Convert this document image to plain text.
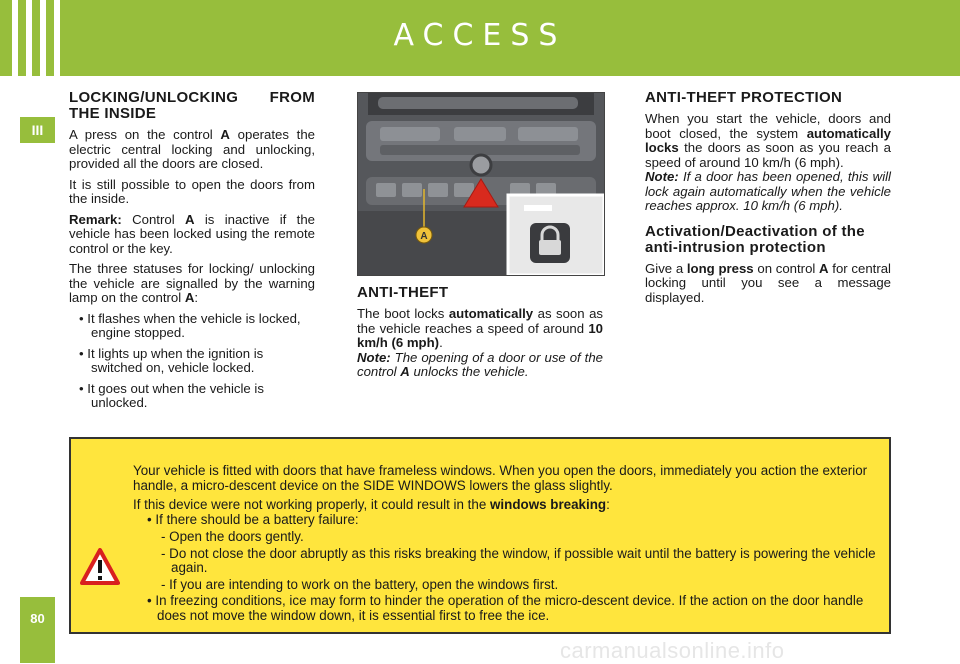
ACCESS
III
80
LOCKING/UNLOCKING FROM THE INSIDE

A press on the control A operates the electric central locking and unlocking, provided all the doors are closed.

It is still possible to open the doors from the inside.

Remark: Control A is inactive if the vehicle has been locked using the remote control or the key.

The three statuses for locking/ unlocking the vehicle are signalled by the warning lamp on the control A:

• It flashes when the vehicle is locked, engine stopped.
• It lights up when the ignition is switched on, vehicle locked.
• It goes out when the vehicle is unlocked.
A
ANTI-THEFT

The boot locks automatically as soon as the vehicle reaches a speed of around 10 km/h (6 mph).

Note: The opening of a door or use of the control A unlocks the vehicle.

ANTI-THEFT PROTECTION

When you start the vehicle, doors and boot closed, the system automatically locks the doors as soon as you reach a speed of around 10 km/h (6 mph).

Note: If a door has been opened, this will lock again automatically when the vehicle reaches approx. 10 km/h (6 mph).

Activation/Deactivation of the anti-intrusion protection

Give a long press on control A for central locking until you see a message displayed.

Your vehicle is fitted with doors that have frameless windows. When you open the doors, immediately you action the exterior handle, a micro-descent device on the SIDE WINDOWS lowers the glass slightly.

If this device were not working properly, it could result in the windows breaking:

• If there should be a battery failure:

- Open the doors gently.

- Do not close the door abruptly as this risks breaking the window, if possible wait until the battery is powering the vehicle again.

- If you are intending to work on the battery, open the windows first.

• In freezing conditions, ice may form to hinder the operation of the micro-descent device. If the action on the door handle does not move the window down, it is essential first to free the ice.

carmanualsonline.info
